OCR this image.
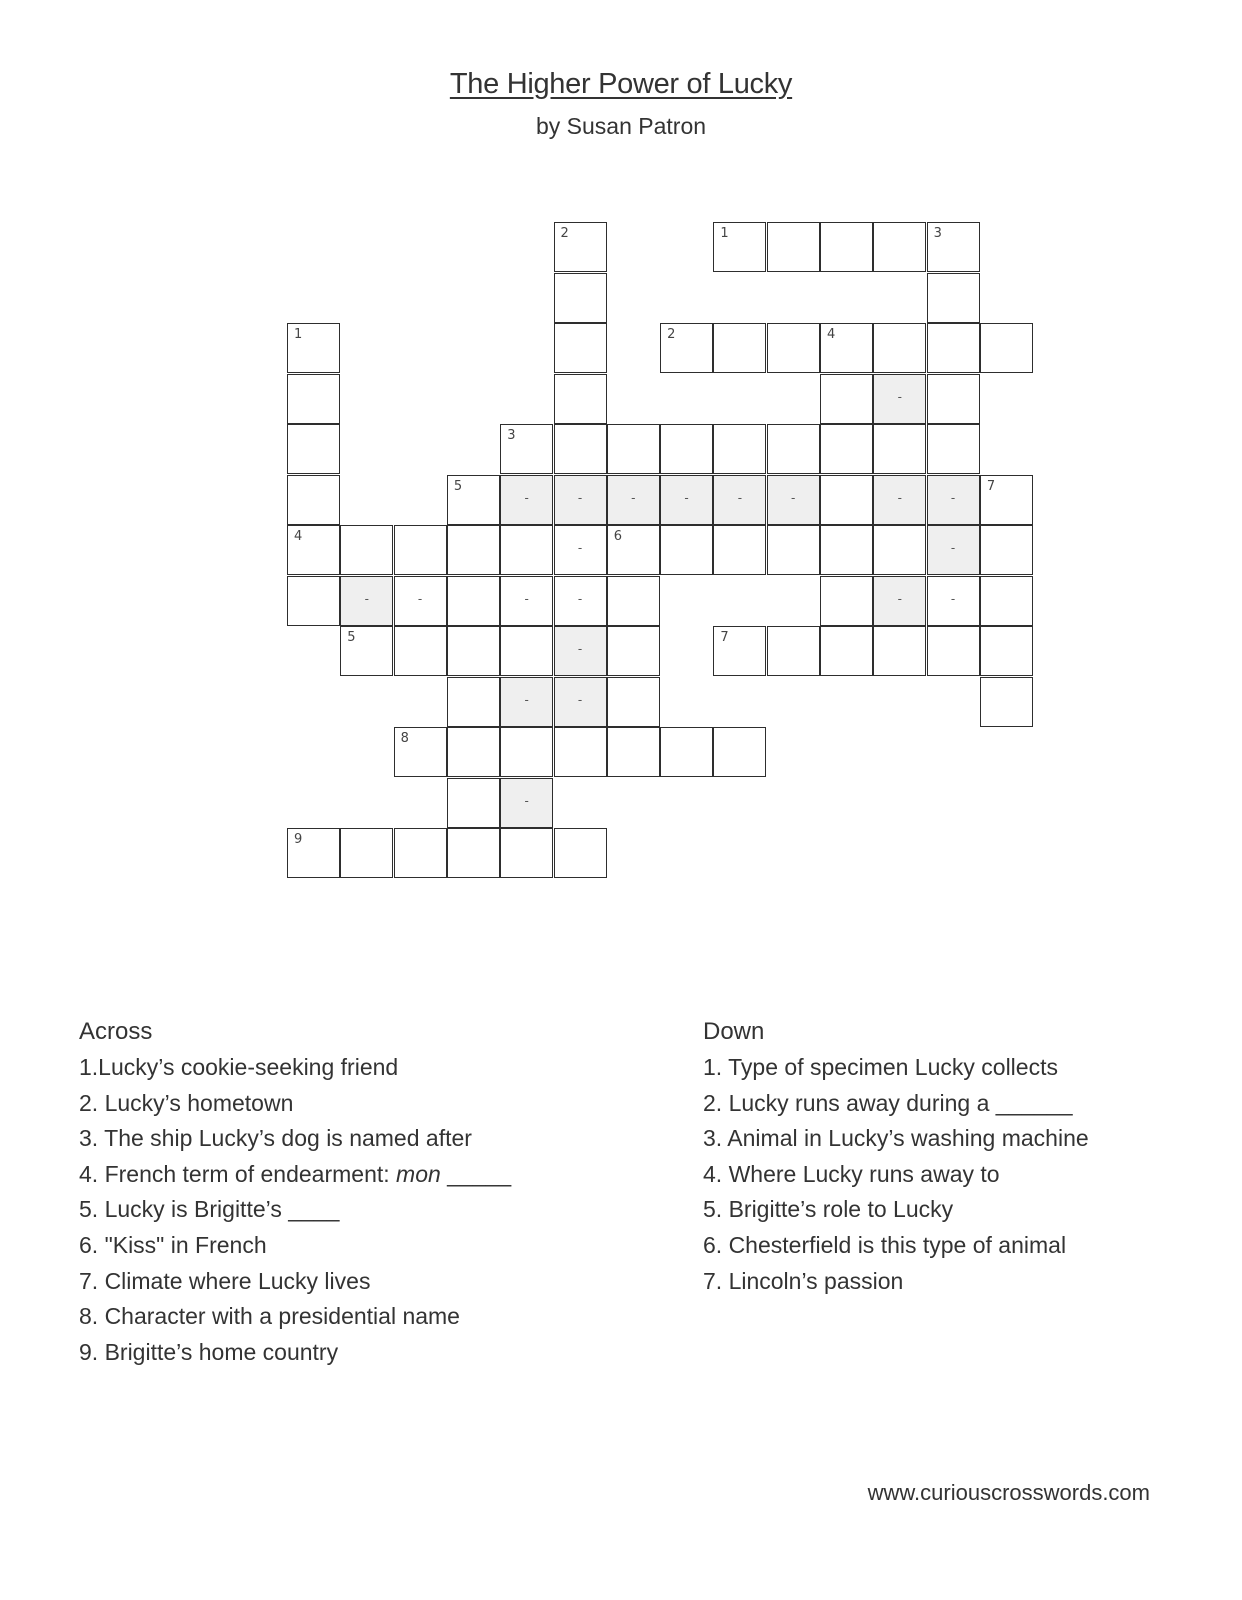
The Higher Power of Lucky
by Susan Patron
2	1	3
1	2	4
-
3
5
-	-	-	-	-	-	-	-
7
4
-
6
-
-	-	-	-	-	-
5
-
7
-	-
8
-
9
Across
1.Lucky’s cookie-seeking friend
2. Lucky’s hometown
3. The ship Lucky’s dog is named after
4. French term of endearment: mon _____
5. Lucky is Brigitte’s ____
6. "Kiss" in French
7. Climate where Lucky lives
8. Character with a presidential name
9. Brigitte’s home country
Down
1. Type of specimen Lucky collects
2. Lucky runs away during a ______
3. Animal in Lucky’s washing machine
4. Where Lucky runs away to
5. Brigitte’s role to Lucky
6. Chesterfield is this type of animal
7. Lincoln’s passion
www.curiouscrosswords.com
